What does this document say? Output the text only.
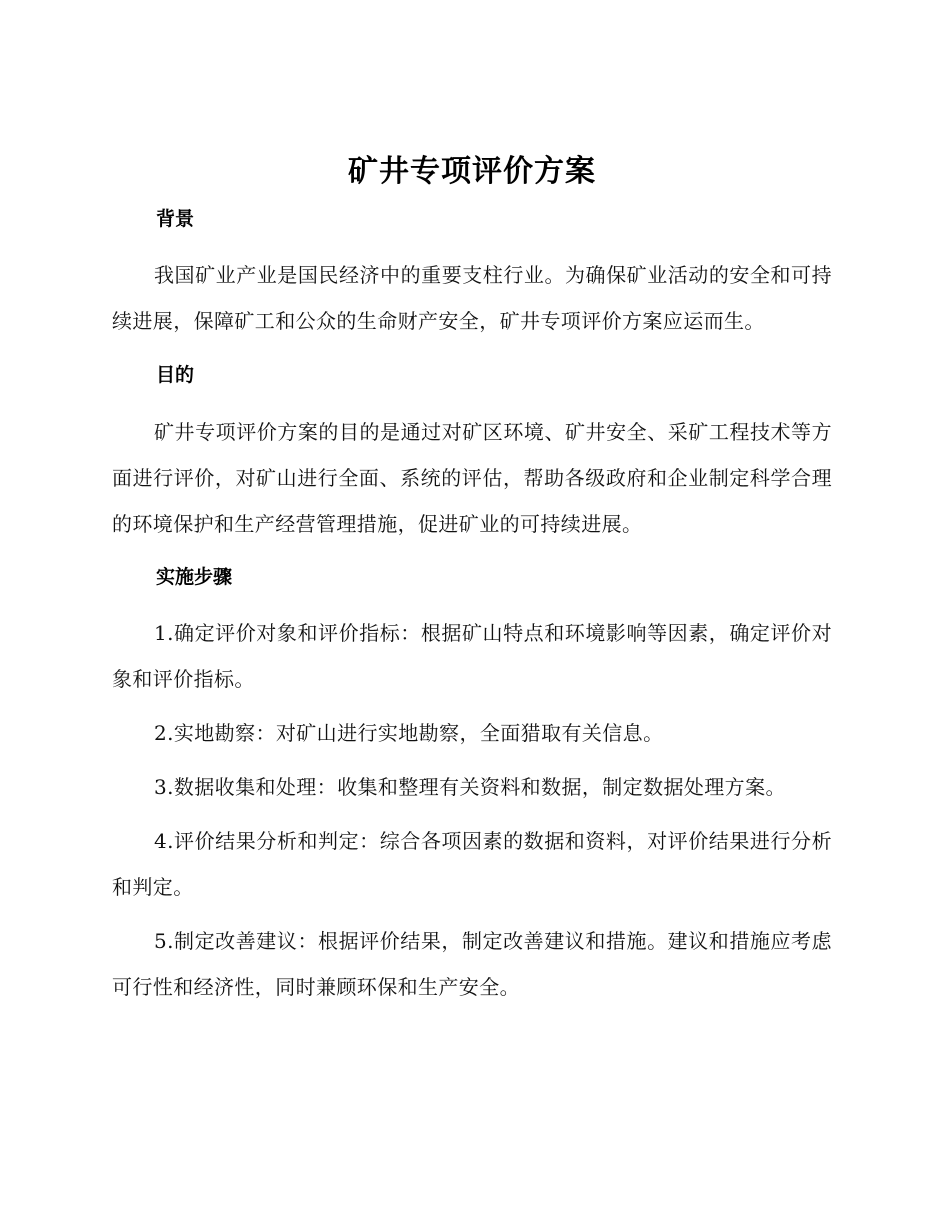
矿井专项评价方案
背景

我国矿业产业是国民经济中的重要支柱行业。为确保矿业活动的安全和可持续进展，保障矿工和公众的生命财产安全，矿井专项评价方案应运而生。

目的

矿井专项评价方案的目的是通过对矿区环境、矿井安全、采矿工程技术等方面进行评价，对矿山进行全面、系统的评估，帮助各级政府和企业制定科学合理的环境保护和生产经营管理措施，促进矿业的可持续进展。

实施步骤

1.确定评价对象和评价指标：根据矿山特点和环境影响等因素，确定评价对象和评价指标。

2.实地勘察：对矿山进行实地勘察，全面猎取有关信息。

3.数据收集和处理：收集和整理有关资料和数据，制定数据处理方案。

4.评价结果分析和判定：综合各项因素的数据和资料，对评价结果进行分析和判定。

5.制定改善建议：根据评价结果，制定改善建议和措施。建议和措施应考虑可行性和经济性，同时兼顾环保和生产安全。
